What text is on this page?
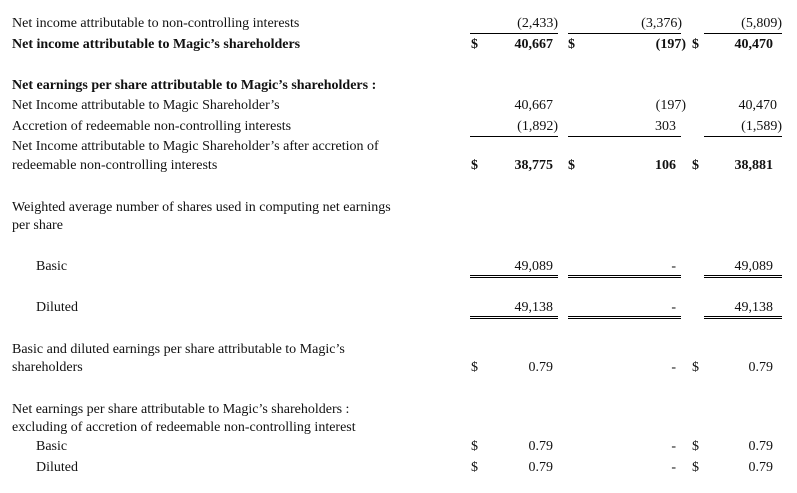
Net income attributable to non-controlling interests	(2,433)	(3,376)	(5,809)
Net income attributable to Magic’s shareholders	$	40,667 $	(197) $	40,470
Net earnings per share attributable to Magic’s shareholders :
Net Income attributable to Magic Shareholder’s	40,667	(197)	40,470
Accretion of redeemable non-controlling interests	(1,892)	303	(1,589)
Net Income attributable to Magic Shareholder’s after accretion of
redeemable non-controlling interests	$	38,775 $	106 $	38,881
Weighted average number of shares used in computing net earnings
per share
Basic	49,089	-	49,089
Diluted	49,138	-	49,138
Basic and diluted earnings per share attributable to Magic’s
shareholders	$	0.79	- $	0.79
Net earnings per share attributable to Magic’s shareholders :
excluding of accretion of redeemable non-controlling interest
Basic	$	0.79	- $	0.79
Diluted	$	0.79	- $	0.79
